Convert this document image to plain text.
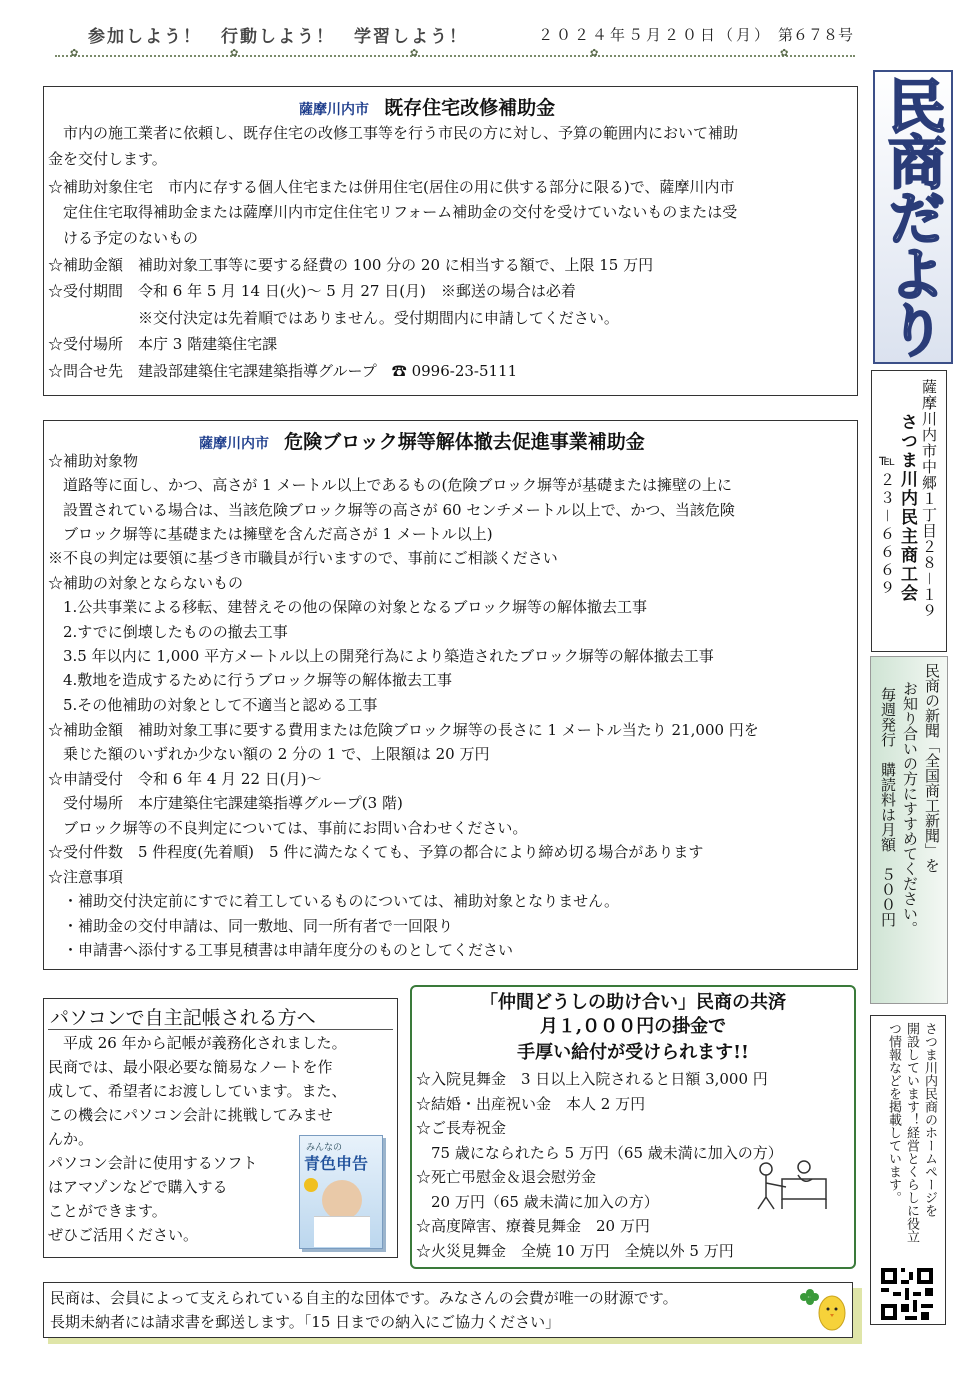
参加しよう！　行動しよう！　学習しよう！	２０２４年５月２０日（月） 第６７８号
✿	✿	✿	✿	✿
薩摩川内市 既存住宅改修補助金
　市内の施工業者に依頼し、既存住宅の改修工事等を行う市民の方に対し、予算の範囲内において補助
金を交付します。
☆補助対象住宅　市内に存する個人住宅または併用住宅(居住の用に供する部分に限る)で、薩摩川内市
　定住住宅取得補助金または薩摩川内市定住住宅リフォーム補助金の交付を受けていないものまたは受
　ける予定のないもの
☆補助金額　補助対象工事等に要する経費の 100 分の 20 に相当する額で、上限 15 万円
☆受付期間　令和 6 年 5 月 14 日(火)～ 5 月 27 日(月)　※郵送の場合は必着
　　　　　　※交付決定は先着順ではありません。受付期間内に申請してください。
☆受付場所　本庁 3 階建築住宅課
☆問合せ先　建設部建築住宅課建築指導グループ　☎ 0996-23-5111
薩摩川内市 危険ブロック塀等解体撤去促進事業補助金
☆補助対象物
　道路等に面し、かつ、高さが 1 メートル以上であるもの(危険ブロック塀等が基礎または擁壁の上に
　設置されている場合は、当該危険ブロック塀等の高さが 60 センチメートル以上で、かつ、当該危険
　ブロック塀等に基礎または擁壁を含んだ高さが 1 メートル以上)
※不良の判定は要領に基づき市職員が行いますので、事前にご相談ください
☆補助の対象とならないもの
　1.公共事業による移転、建替えその他の保障の対象となるブロック塀等の解体撤去工事
　2.すでに倒壊したものの撤去工事
　3.5 年以内に 1,000 平方メートル以上の開発行為により築造されたブロック塀等の解体撤去工事
　4.敷地を造成するために行うブロック塀等の解体撤去工事
　5.その他補助の対象として不適当と認める工事
☆補助金額　補助対象工事に要する費用または危険ブロック塀等の長さに 1 メートル当たり 21,000 円を
　乗じた額のいずれか少ない額の 2 分の 1 で、上限額は 20 万円
☆申請受付　令和 6 年 4 月 22 日(月)～
　受付場所　本庁建築住宅課建築指導グループ(3 階)
　ブロック塀等の不良判定については、事前にお問い合わせください。
☆受付件数　5 件程度(先着順)　5 件に満たなくても、予算の都合により締め切る場合があります
☆注意事項
　・補助交付決定前にすでに着工しているものについては、補助対象となりません。
　・補助金の交付申請は、同一敷地、同一所有者で一回限り
　・申請書へ添付する工事見積書は申請年度分のものとしてください
パソコンで自主記帳される方へ
　平成 26 年から記帳が義務化されました。
民商では、最小限必要な簡易なノートを作
成して、希望者にお渡ししています。また、
この機会にパソコン会計に挑戦してみませ
んか。
パソコン会計に使用するソフト
はアマゾンなどで購入する
ことができます。
ぜひご活用ください。
みんなの
青色申告
「仲間どうしの助け合い」民商の共済
月１,０００円の掛金で
手厚い給付が受けられます!!
☆入院見舞金　3 日以上入院されると日額 3,000 円
☆結婚・出産祝い金　本人 2 万円
☆ご長寿祝金
　75 歳になられたら 5 万円（65 歳未満に加入の方）
☆死亡弔慰金＆退会慰労金
　20 万円（65 歳未満に加入の方）
☆高度障害、療養見舞金　20 万円
☆火災見舞金　全焼 10 万円　全焼以外 5 万円
民商だより
薩摩川内市中郷１丁目２８－１９
さつま川内民主商工会
℡２３－６６６９
民商の新聞「全国商工新聞」を
お知り合いの方にすすめてください。
毎週発行　購読料は月額　５００円
さつま川内民商のホームページを
開設しています！経営とくらしに役立
つ情報などを掲載しています。
民商は、会員によって支えられている自主的な団体です。みなさんの会費が唯一の財源です。
長期未納者には請求書を郵送します。「15 日までの納入にご協力ください」
